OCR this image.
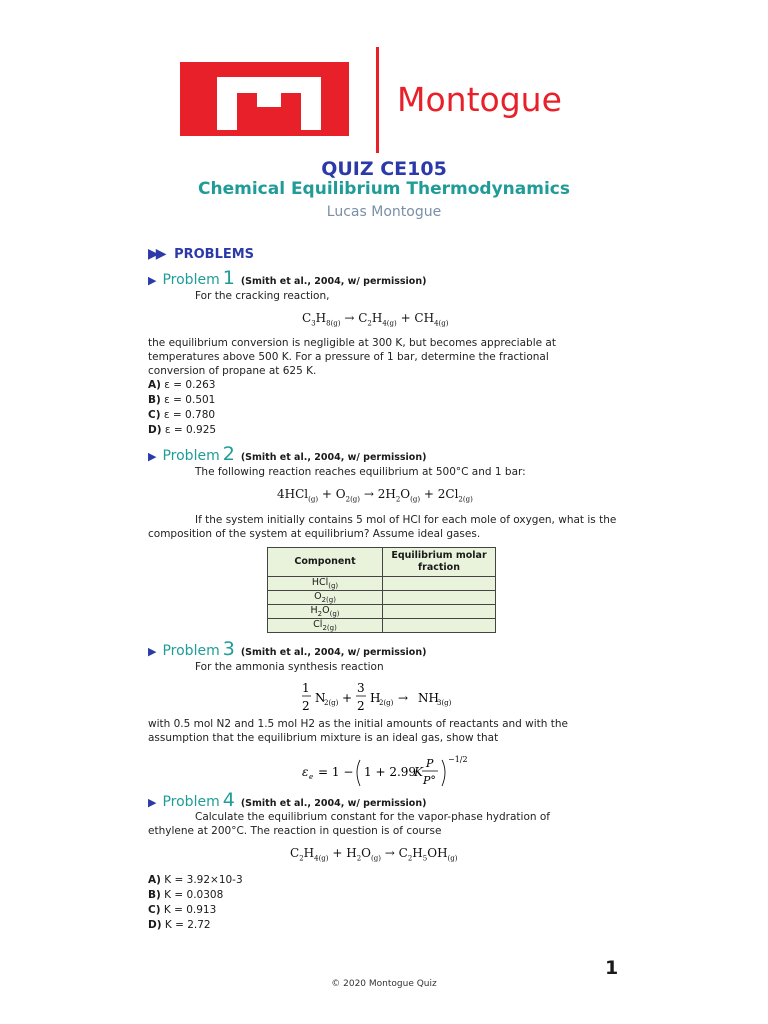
Montogue
QUIZ CE105
Chemical Equilibrium Thermodynamics
Lucas Montogue
▶▶ PROBLEMS
▶ Problem 1 (Smith et al., 2004, w/ permission)
For the cracking reaction,
$C_3H_{8(g)} \to C_2H_{4(g)} + CH_{4(g)}$
the equilibrium conversion is negligible at 300 K, but becomes appreciable at temperatures above 500 K. For a pressure of 1 bar, determine the fractional conversion of propane at 625 K.
A) ε = 0.263
B) ε = 0.501
C) ε = 0.780
D) ε = 0.925
▶ Problem 2 (Smith et al., 2004, w/ permission)
The following reaction reaches equilibrium at 500°C and 1 bar:
$4HCl_{(g)} + O_{2(g)} \to 2H_2O_{(g)} + 2Cl_{2(g)}$
If the system initially contains 5 mol of HCl for each mole of oxygen, what is the composition of the system at equilibrium? Assume ideal gases.
Component	Equilibrium molar fraction
HCl$_{(g)}$	
$O_{2(g)}$	
$H_2O_{(g)}$	
$Cl_{2(g)}$	
▶ Problem 3 (Smith et al., 2004, w/ permission)
For the ammonia synthesis reaction
1
2
N
2(g) +
3
2
H
2(g) → NH
3(g)
with 0.5 mol N2 and 1.5 mol H2 as the initial amounts of reactants and with the assumption that the equilibrium mixture is an ideal gas, show that
ε e = 1 − 1 + 2.99
K
P
P°
−1/2
▶ Problem 4 (Smith et al., 2004, w/ permission)
Calculate the equilibrium constant for the vapor-phase hydration of ethylene at 200°C. The reaction in question is of course
$C_2H_{4(g)} + H_2O_{(g)} \to C_2H_5OH_{(g)}$
A) K = 3.92×10-3
B) K = 0.0308
C) K = 0.913
D) K = 2.72
1
© 2020 Montogue Quiz
